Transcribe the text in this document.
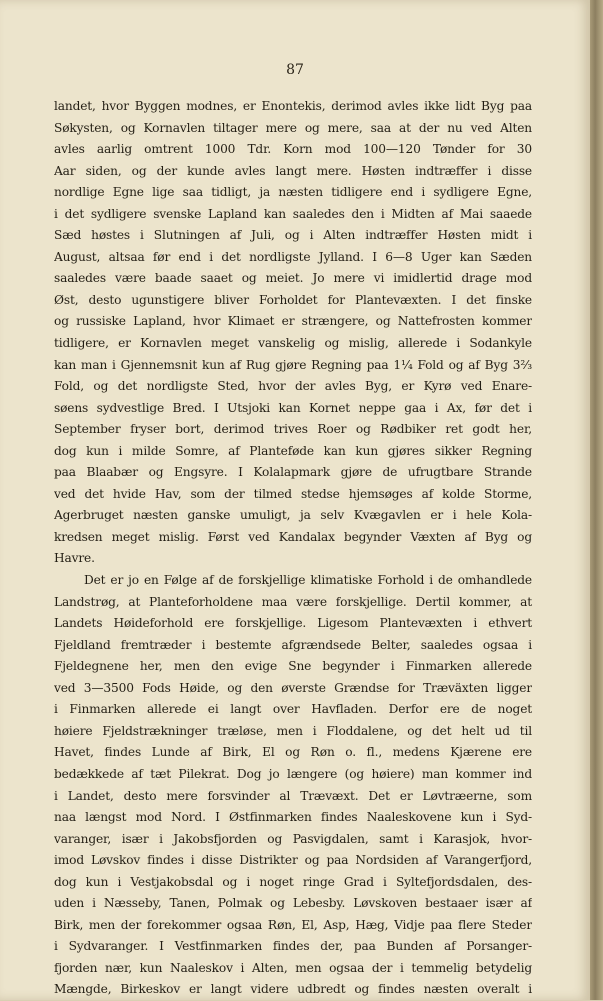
87
landet, hvor Byggen modnes, er Enontekis, derimod avles ikke lidt Byg paa
Søkysten, og Kornavlen tiltager mere og mere, saa at der nu ved Alten
avles aarlig omtrent 1000 Tdr. Korn mod 100—120 Tønder for 30
Aar siden, og der kunde avles langt mere. Høsten indtræffer i disse
nordlige Egne lige saa tidligt, ja næsten tidligere end i sydligere Egne,
i det sydligere svenske Lapland kan saaledes den i Midten af Mai saaede
Sæd høstes i Slutningen af Juli, og i Alten indtræffer Høsten midt i
August, altsaa før end i det nordligste Jylland. I 6—8 Uger kan Sæden
saaledes være baade saaet og meiet. Jo mere vi imidlertid drage mod
Øst, desto ugunstigere bliver Forholdet for Plantevæxten. I det finske
og russiske Lapland, hvor Klimaet er strængere, og Nattefrosten kommer
tidligere, er Kornavlen meget vanskelig og mislig, allerede i Sodankyle
kan man i Gjennemsnit kun af Rug gjøre Regning paa 1¼ Fold og af Byg 3⅔
Fold, og det nordligste Sted, hvor der avles Byg, er Kyrø ved Enare-
søens sydvestlige Bred. I Utsjoki kan Kornet neppe gaa i Ax, før det i
September fryser bort, derimod trives Roer og Rødbiker ret godt her,
dog kun i milde Somre, af Planteføde kan kun gjøres sikker Regning
paa Blaabær og Engsyre. I Kolalapmark gjøre de ufrugtbare Strande
ved det hvide Hav, som der tilmed stedse hjemsøges af kolde Storme,
Agerbruget næsten ganske umuligt, ja selv Kvægavlen er i hele Kola-
kredsen meget mislig. Først ved Kandalax begynder Væxten af Byg og
Havre.
Det er jo en Følge af de forskjellige klimatiske Forhold i de omhandlede
Landstrøg, at Planteforholdene maa være forskjellige. Dertil kommer, at
Landets Høideforhold ere forskjellige. Ligesom Plantevæxten i ethvert
Fjeldland fremtræder i bestemte afgrændsede Belter, saaledes ogsaa i
Fjeldegnene her, men den evige Sne begynder i Finmarken allerede
ved 3—3500 Fods Høide, og den øverste Grændse for Træväxten ligger
i Finmarken allerede ei langt over Havfladen. Derfor ere de noget
høiere Fjeldstrækninger træløse, men i Floddalene, og det helt ud til
Havet, findes Lunde af Birk, El og Røn o. fl., medens Kjærene ere
bedækkede af tæt Pilekrat. Dog jo længere (og høiere) man kommer ind
i Landet, desto mere forsvinder al Trævæxt. Det er Løvtræerne, som
naa længst mod Nord. I Østfinmarken findes Naaleskovene kun i Syd-
varanger, især i Jakobsfjorden og Pasvigdalen, samt i Karasjok, hvor-
imod Løvskov findes i disse Distrikter og paa Nordsiden af Varangerfjord,
dog kun i Vestjakobsdal og i noget ringe Grad i Syltefjordsdalen, des-
uden i Næsseby, Tanen, Polmak og Lebesby. Løvskoven bestaaer især af
Birk, men der forekommer ogsaa Røn, El, Asp, Hæg, Vidje paa flere Steder
i Sydvaranger. I Vestfinmarken findes der, paa Bunden af Porsanger-
fjorden nær, kun Naaleskov i Alten, men ogsaa der i temmelig betydelig
Mængde, Birkeskov er langt videre udbredt og findes næsten overalt i
